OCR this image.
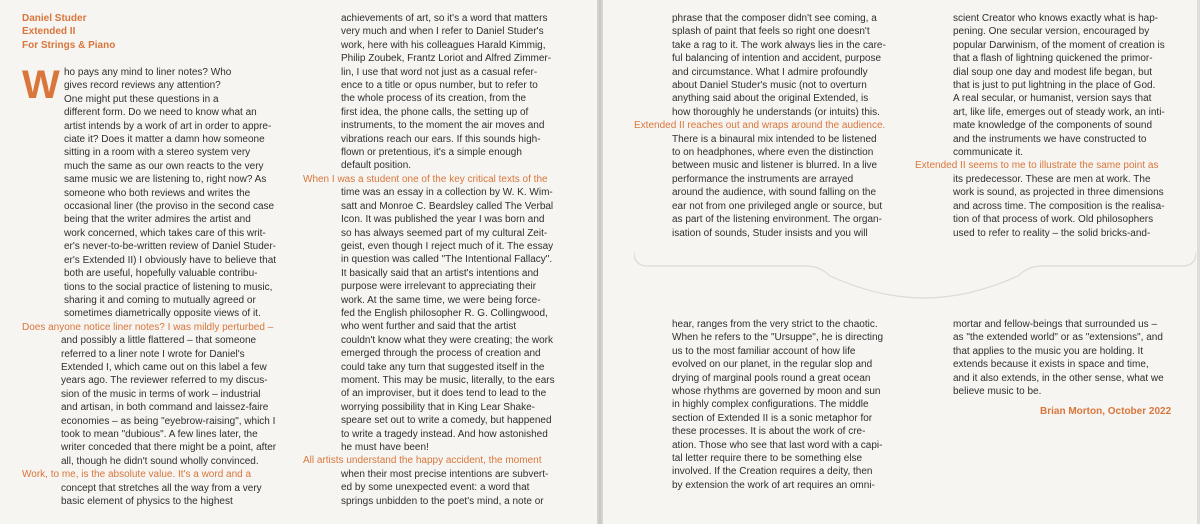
Daniel Studer
Extended II
For Strings & Piano
W ho pays any mind to liner notes? Who

gives record reviews any attention?

One might put these questions in a

different form. Do we need to know what an

artist intends by a work of art in order to appre-

ciate it? Does it matter a damn how someone

sitting in a room with a stereo system very

much the same as our own reacts to the very

same music we are listening to, right now? As

someone who both reviews and writes the

occasional liner (the proviso in the second case

being that the writer admires the artist and

work concerned, which takes care of this writ-

er's never-to-be-written review of Daniel Studer-

er's Extended II) I obviously have to believe that

both are useful, hopefully valuable contribu-

tions to the social practice of listening to music,

sharing it and coming to mutually agreed or

sometimes diametrically opposite views of it.

Does anyone notice liner notes? I was mildly perturbed –

and possibly a little flattered – that someone

referred to a liner note I wrote for Daniel's

Extended I, which came out on this label a few

years ago. The reviewer referred to my discus-

sion of the music in terms of work – industrial

and artisan, in both command and laissez-faire

economies – as being "eyebrow-raising", which I

took to mean "dubious". A few lines later, the

writer conceded that there might be a point, after

all, though he didn't sound wholly convinced.

Work, to me, is the absolute value. It's a word and a

concept that stretches all the way from a very

basic element of physics to the highest

achievements of art, so it's a word that matters

very much and when I refer to Daniel Studer's

work, here with his colleagues Harald Kimmig,

Philip Zoubek, Frantz Loriot and Alfred Zimmer-

lin, I use that word not just as a casual refer-

ence to a title or opus number, but to refer to

the whole process of its creation, from the

first idea, the phone calls, the setting up of

instruments, to the moment the air moves and

vibrations reach our ears. If this sounds high-

flown or pretentious, it's a simple enough

default position.

When I was a student one of the key critical texts of the

time was an essay in a collection by W. K. Wim-

satt and Monroe C. Beardsley called The Verbal

Icon. It was published the year I was born and

so has always seemed part of my cultural Zeit-

geist, even though I reject much of it. The essay

in question was called "The Intentional Fallacy".

It basically said that an artist's intentions and

purpose were irrelevant to appreciating their

work. At the same time, we were being force-

fed the English philosopher R. G. Collingwood,

who went further and said that the artist

couldn't know what they were creating; the work

emerged through the process of creation and

could take any turn that suggested itself in the

moment. This may be music, literally, to the ears

of an improviser, but it does tend to lead to the

worrying possibility that in King Lear Shake-

speare set out to write a comedy, but happened

to write a tragedy instead. And how astonished

he must have been!

All artists understand the happy accident, the moment

when their most precise intentions are subvert-

ed by some unexpected event: a word that

springs unbidden to the poet's mind, a note or

phrase that the composer didn't see coming, a

splash of paint that feels so right one doesn't

take a rag to it. The work always lies in the care-

ful balancing of intention and accident, purpose

and circumstance. What I admire profoundly

about Daniel Studer's music (not to overturn

anything said about the original Extended, is

how thoroughly he understands (or intuits) this.

Extended II reaches out and wraps around the audience.

There is a binaural mix intended to be listened

to on headphones, where even the distinction

between music and listener is blurred. In a live

performance the instruments are arrayed

around the audience, with sound falling on the

ear not from one privileged angle or source, but

as part of the listening environment. The organ-

isation of sounds, Studer insists and you will

hear, ranges from the very strict to the chaotic.

When he refers to the "Ursuppe", he is directing

us to the most familiar account of how life

evolved on our planet, in the regular slop and

drying of marginal pools round a great ocean

whose rhythms are governed by moon and sun

in highly complex configurations. The middle

section of Extended II is a sonic metaphor for

these processes. It is about the work of cre-

ation. Those who see that last word with a capi-

tal letter require there to be something else

involved. If the Creation requires a deity, then

by extension the work of art requires an omni-

scient Creator who knows exactly what is hap-

pening. One secular version, encouraged by

popular Darwinism, of the moment of creation is

that a flash of lightning quickened the primor-

dial soup one day and modest life began, but

that is just to put lightning in the place of God.

A real secular, or humanist, version says that

art, like life, emerges out of steady work, an inti-

mate knowledge of the components of sound

and the instruments we have constructed to

communicate it.

Extended II seems to me to illustrate the same point as

its predecessor. These are men at work. The

work is sound, as projected in three dimensions

and across time. The composition is the realisa-

tion of that process of work. Old philosophers

used to refer to reality – the solid bricks-and-

mortar and fellow-beings that surrounded us –

as "the extended world" or as "extensions", and

that applies to the music you are holding. It

extends because it exists in space and time,

and it also extends, in the other sense, what we

believe music to be.

Brian Morton, October 2022
